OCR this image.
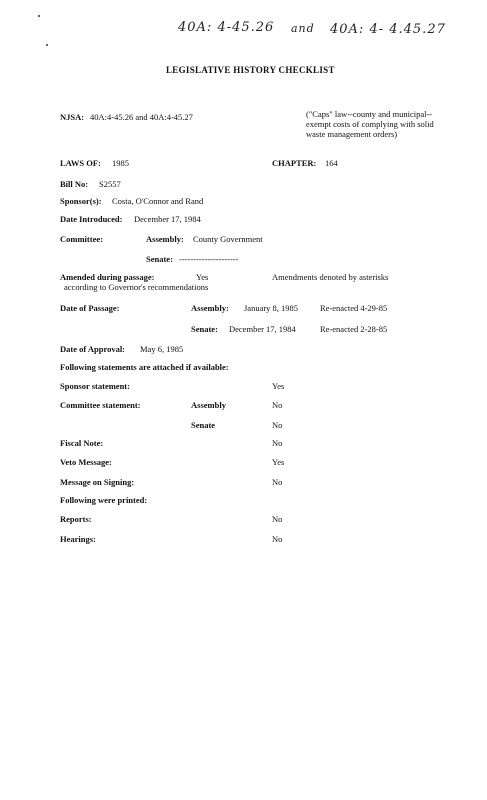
40A: 4-45.26 and 40A: 4- 4.45.27
LEGISLATIVE HISTORY CHECKLIST
NJSA: 40A:4-45.26 and 40A:4-45.27	("Caps" law--county and municipal--exempt costs of complying with solid waste management orders)
LAWS OF: 1985	CHAPTER: 164
Bill No: S2557
Sponsor(s): Costa, O'Connor and Rand
Date Introduced: December 17, 1984
Committee:	Assembly: County Government
Senate: ---------------------
Amended during passage:	Yes	Amendments denoted by asterisks
according to Governor's recommendations
Date of Passage:	Assembly: January 8, 1985	Re-enacted 4-29-85
Senate: December 17, 1984	Re-enacted 2-28-85
Date of Approval: May 6, 1985
Following statements are attached if available:
Sponsor statement:	Yes
Committee statement:	Assembly	No
Senate	No
Fiscal Note:	No
Veto Message:	Yes
Message on Signing:	No
Following were printed:
Reports:	No
Hearings:	No
